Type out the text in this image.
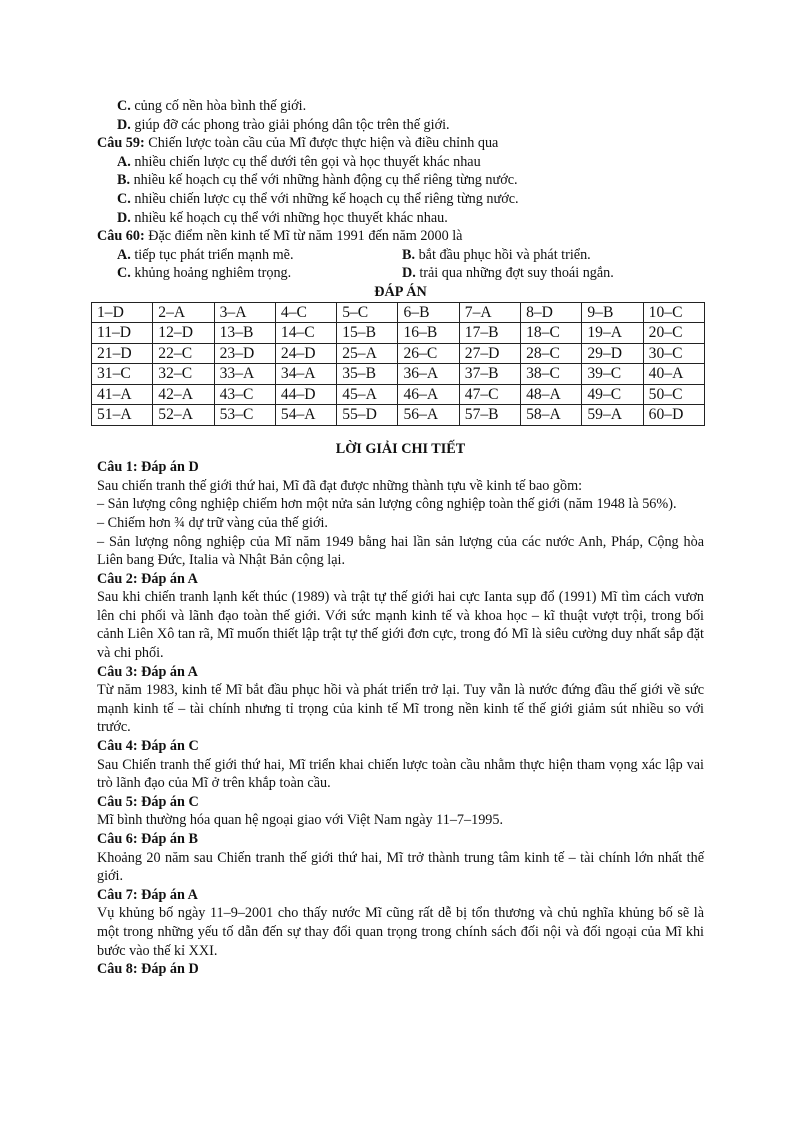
C. củng cố nền hòa bình thế giới.
D. giúp đỡ các phong trào giải phóng dân tộc trên thế giới.
Câu 59: Chiến lược toàn cầu của Mĩ được thực hiện và điều chỉnh qua
A. nhiều chiến lược cụ thể dưới tên gọi và học thuyết khác nhau
B. nhiều kế hoạch cụ thể với những hành động cụ thể riêng từng nước.
C. nhiều chiến lược cụ thể với những kế hoạch cụ thể riêng từng nước.
D. nhiều kế hoạch cụ thể với những học thuyết khác nhau.
Câu 60: Đặc điểm nền kinh tế Mĩ từ năm 1991 đến năm 2000 là
A. tiếp tục phát triển mạnh mẽ.	B. bắt đầu phục hồi và phát triển.
C. khủng hoảng nghiêm trọng.	D. trải qua những đợt suy thoái ngắn.
ĐÁP ÁN
1–D	2–A	3–A	4–C	5–C	6–B	7–A	8–D	9–B	10–C
11–D	12–D	13–B	14–C	15–B	16–B	17–B	18–C	19–A	20–C
21–D	22–C	23–D	24–D	25–A	26–C	27–D	28–C	29–D	30–C
31–C	32–C	33–A	34–A	35–B	36–A	37–B	38–C	39–C	40–A
41–A	42–A	43–C	44–D	45–A	46–A	47–C	48–A	49–C	50–C
51–A	52–A	53–C	54–A	55–D	56–A	57–B	58–A	59–A	60–D
LỜI GIẢI CHI TIẾT
Câu 1: Đáp án D
Sau chiến tranh thế giới thứ hai, Mĩ đã đạt được những thành tựu về kinh tế bao gồm:
– Sản lượng công nghiệp chiếm hơn một nửa sản lượng công nghiệp toàn thế giới (năm 1948 là 56%).
– Chiếm hơn ¾ dự trữ vàng của thế giới.
– Sản lượng nông nghiệp của Mĩ năm 1949 bằng hai lần sản lượng của các nước Anh, Pháp, Cộng hòa Liên bang Đức, Italia và Nhật Bản cộng lại.
Câu 2: Đáp án A
Sau khi chiến tranh lạnh kết thúc (1989) và trật tự thế giới hai cực Ianta sụp đổ (1991) Mĩ tìm cách vươn lên chi phối và lãnh đạo toàn thế giới. Với sức mạnh kinh tế và khoa học – kĩ thuật vượt trội, trong bối cảnh Liên Xô tan rã, Mĩ muốn thiết lập trật tự thế giới đơn cực, trong đó Mĩ là siêu cường duy nhất sắp đặt và chi phối.
Câu 3: Đáp án A
Từ năm 1983, kinh tế Mĩ bắt đầu phục hồi và phát triển trở lại. Tuy vẫn là nước đứng đầu thế giới về sức mạnh kinh tế – tài chính nhưng tỉ trọng của kinh tế Mĩ trong nền kinh tế thế giới giảm sút nhiều so với trước.
Câu 4: Đáp án C
Sau Chiến tranh thế giới thứ hai, Mĩ triển khai chiến lược toàn cầu nhằm thực hiện tham vọng xác lập vai trò lãnh đạo của Mĩ ở trên khắp toàn cầu.
Câu 5: Đáp án C
Mĩ bình thường hóa quan hệ ngoại giao với Việt Nam ngày 11–7–1995.
Câu 6: Đáp án B
Khoảng 20 năm sau Chiến tranh thế giới thứ hai, Mĩ trở thành trung tâm kinh tế – tài chính lớn nhất thế giới.
Câu 7: Đáp án A
Vụ khủng bố ngày 11–9–2001 cho thấy nước Mĩ cũng rất dễ bị tổn thương và chủ nghĩa khủng bố sẽ là một trong những yếu tố dẫn đến sự thay đổi quan trọng trong chính sách đối nội và đối ngoại của Mĩ khi bước vào thế kỉ XXI.
Câu 8: Đáp án D
